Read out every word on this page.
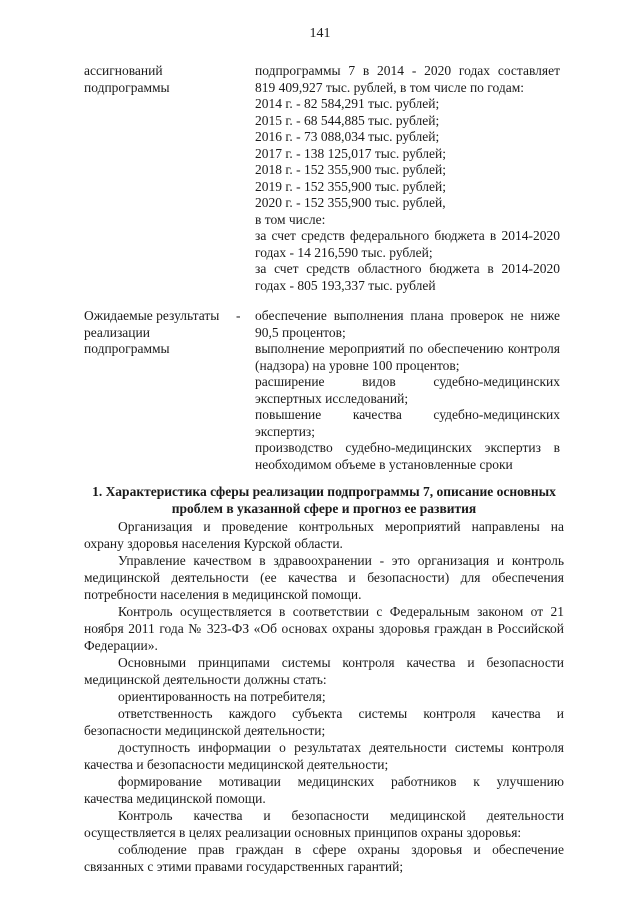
141
ассигнований
подпрограммы
подпрограммы 7 в 2014 - 2020 годах составляет
819 409,927 тыс. рублей, в том числе по годам:
2014 г. - 82 584,291 тыс. рублей;
2015 г. - 68 544,885 тыс. рублей;
2016 г. - 73 088,034 тыс. рублей;
2017 г. - 138 125,017 тыс. рублей;
2018 г. - 152 355,900 тыс. рублей;
2019 г. - 152 355,900 тыс. рублей;
2020 г. - 152 355,900 тыс. рублей,
в том числе:
за счет средств федерального бюджета в 2014-2020
годах - 14 216,590 тыс. рублей;
за счет средств областного бюджета в 2014-2020
годах - 805 193,337 тыс. рублей
Ожидаемые результаты
реализации
подпрограммы
- обеспечение выполнения плана проверок не ниже
90,5 процентов;
выполнение мероприятий по обеспечению контроля
(надзора) на уровне 100 процентов;
расширение видов судебно-медицинских
экспертных исследований;
повышение качества судебно-медицинских
экспертиз;
производство судебно-медицинских экспертиз в
необходимом объеме в установленные сроки
1. Характеристика сферы реализации подпрограммы 7, описание основных
проблем в указанной сфере и прогноз ее развития
Организация и проведение контрольных мероприятий направлены на
охрану здоровья населения Курской области.
Управление качеством в здравоохранении - это организация и контроль
медицинской деятельности (ее качества и безопасности) для обеспечения
потребности населения в медицинской помощи.
Контроль осуществляется в соответствии с Федеральным законом от 21
ноября 2011 года № 323-ФЗ «Об основах охраны здоровья граждан в Российской
Федерации».
Основными принципами системы контроля качества и безопасности
медицинской деятельности должны стать:
ориентированность на потребителя;
ответственность каждого субъекта системы контроля качества и
безопасности медицинской деятельности;
доступность информации о результатах деятельности системы контроля
качества и безопасности медицинской деятельности;
формирование мотивации медицинских работников к улучшению
качества медицинской помощи.
Контроль качества и безопасности медицинской деятельности
осуществляется в целях реализации основных принципов охраны здоровья:
соблюдение прав граждан в сфере охраны здоровья и обеспечение
связанных с этими правами государственных гарантий;
